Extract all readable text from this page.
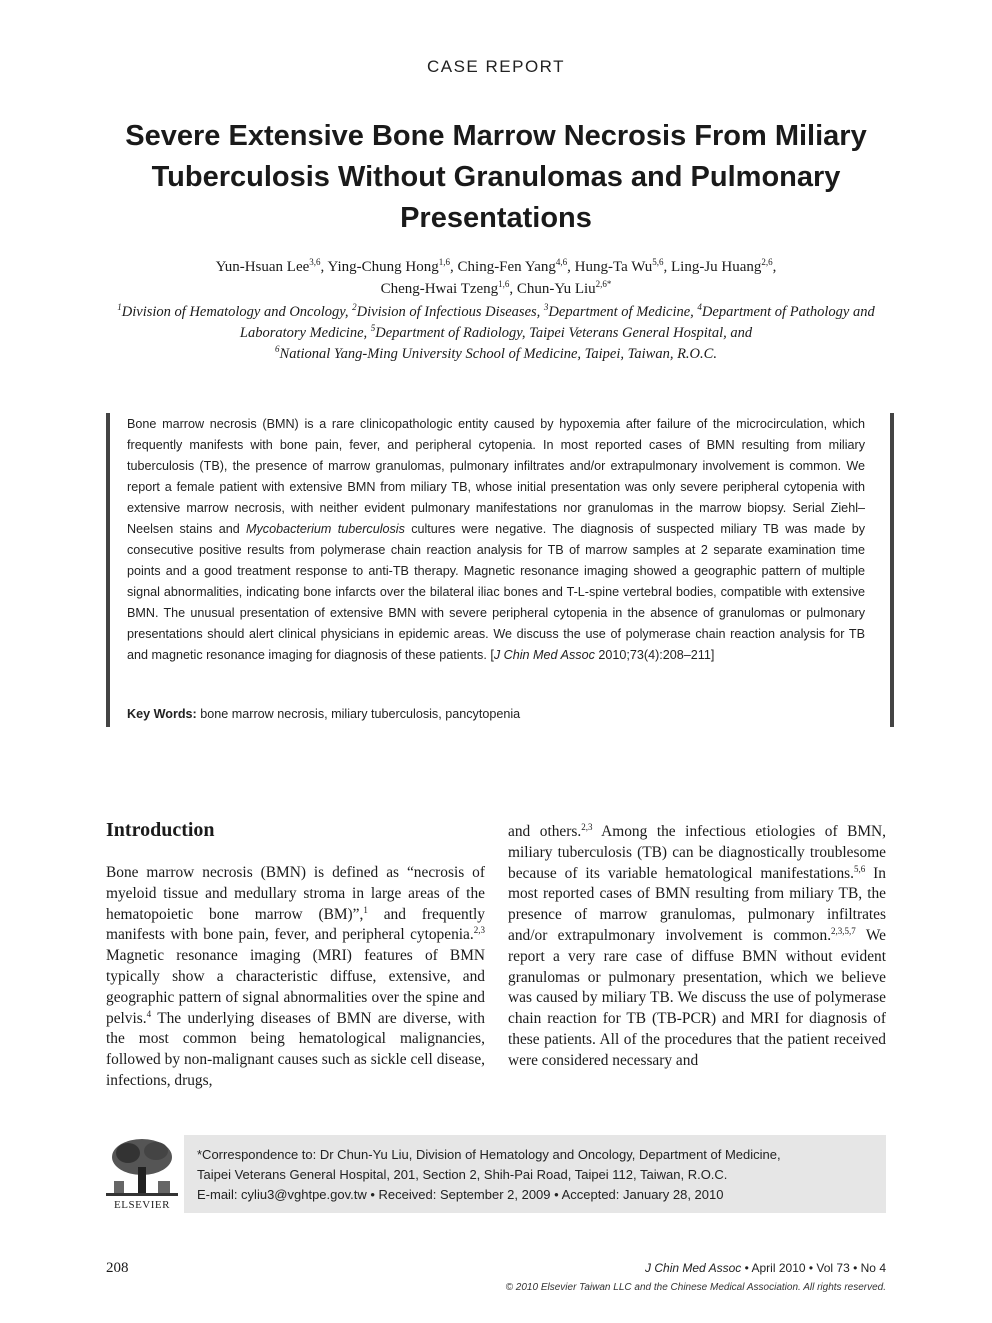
CASE REPORT
Severe Extensive Bone Marrow Necrosis From Miliary Tuberculosis Without Granulomas and Pulmonary Presentations
Yun-Hsuan Lee$^{3,6}$, Ying-Chung Hong$^{1,6}$, Ching-Fen Yang$^{4,6}$, Hung-Ta Wu$^{5,6}$, Ling-Ju Huang$^{2,6}$,
Cheng-Hwai Tzeng$^{1,6}$, Chun-Yu Liu$^{2,6*}$
$^1$Division of Hematology and Oncology, $^2$Division of Infectious Diseases, $^3$Department of Medicine, $^4$Department of Pathology and Laboratory Medicine, $^5$Department of Radiology, Taipei Veterans General Hospital, and
$^6$National Yang-Ming University School of Medicine, Taipei, Taiwan, R.O.C.
Bone marrow necrosis (BMN) is a rare clinicopathologic entity caused by hypoxemia after failure of the microcirculation, which frequently manifests with bone pain, fever, and peripheral cytopenia. In most reported cases of BMN resulting from miliary tuberculosis (TB), the presence of marrow granulomas, pulmonary infiltrates and/or extrapulmonary involvement is common. We report a female patient with extensive BMN from miliary TB, whose initial presentation was only severe peripheral cytopenia with extensive marrow necrosis, with neither evident pulmonary manifestations nor granulomas in the marrow biopsy. Serial Ziehl–Neelsen stains and Mycobacterium tuberculosis cultures were negative. The diagnosis of suspected miliary TB was made by consecutive positive results from polymerase chain reaction analysis for TB of marrow samples at 2 separate examination time points and a good treatment response to anti-TB therapy. Magnetic resonance imaging showed a geographic pattern of multiple signal abnormalities, indicating bone infarcts over the bilateral iliac bones and T-L-spine vertebral bodies, compatible with extensive BMN. The unusual presentation of extensive BMN with severe peripheral cytopenia in the absence of granulomas or pulmonary presentations should alert clinical physicians in epidemic areas. We discuss the use of polymerase chain reaction analysis for TB and magnetic resonance imaging for diagnosis of these patients. [J Chin Med Assoc 2010;73(4):208–211]
Key Words: bone marrow necrosis, miliary tuberculosis, pancytopenia
Introduction
Bone marrow necrosis (BMN) is defined as “necrosis of myeloid tissue and medullary stroma in large areas of the hematopoietic bone marrow (BM)”,$^1$ and frequently manifests with bone pain, fever, and peripheral cytopenia.$^{2,3}$ Magnetic resonance imaging (MRI) features of BMN typically show a characteristic diffuse, extensive, and geographic pattern of signal abnormalities over the spine and pelvis.$^4$ The underlying diseases of BMN are diverse, with the most common being hematological malignancies, followed by non-malignant causes such as sickle cell disease, infections, drugs,
and others.$^{2,3}$ Among the infectious etiologies of BMN, miliary tuberculosis (TB) can be diagnostically troublesome because of its variable hematological manifestations.$^{5,6}$ In most reported cases of BMN resulting from miliary TB, the presence of marrow granulomas, pulmonary infiltrates and/or extrapulmonary involvement is common.$^{2,3,5,7}$ We report a very rare case of diffuse BMN without evident granulomas or pulmonary presentation, which we believe was caused by miliary TB. We discuss the use of polymerase chain reaction for TB (TB-PCR) and MRI for diagnosis of these patients. All of the procedures that the patient received were considered necessary and
ELSEVIER
*Correspondence to: Dr Chun-Yu Liu, Division of Hematology and Oncology, Department of Medicine,
Taipei Veterans General Hospital, 201, Section 2, Shih-Pai Road, Taipei 112, Taiwan, R.O.C.
E-mail: cyliu3@vghtpe.gov.tw • Received: September 2, 2009 • Accepted: January 28, 2010
208	J Chin Med Assoc • April 2010 • Vol 73 • No 4
© 2010 Elsevier Taiwan LLC and the Chinese Medical Association. All rights reserved.
